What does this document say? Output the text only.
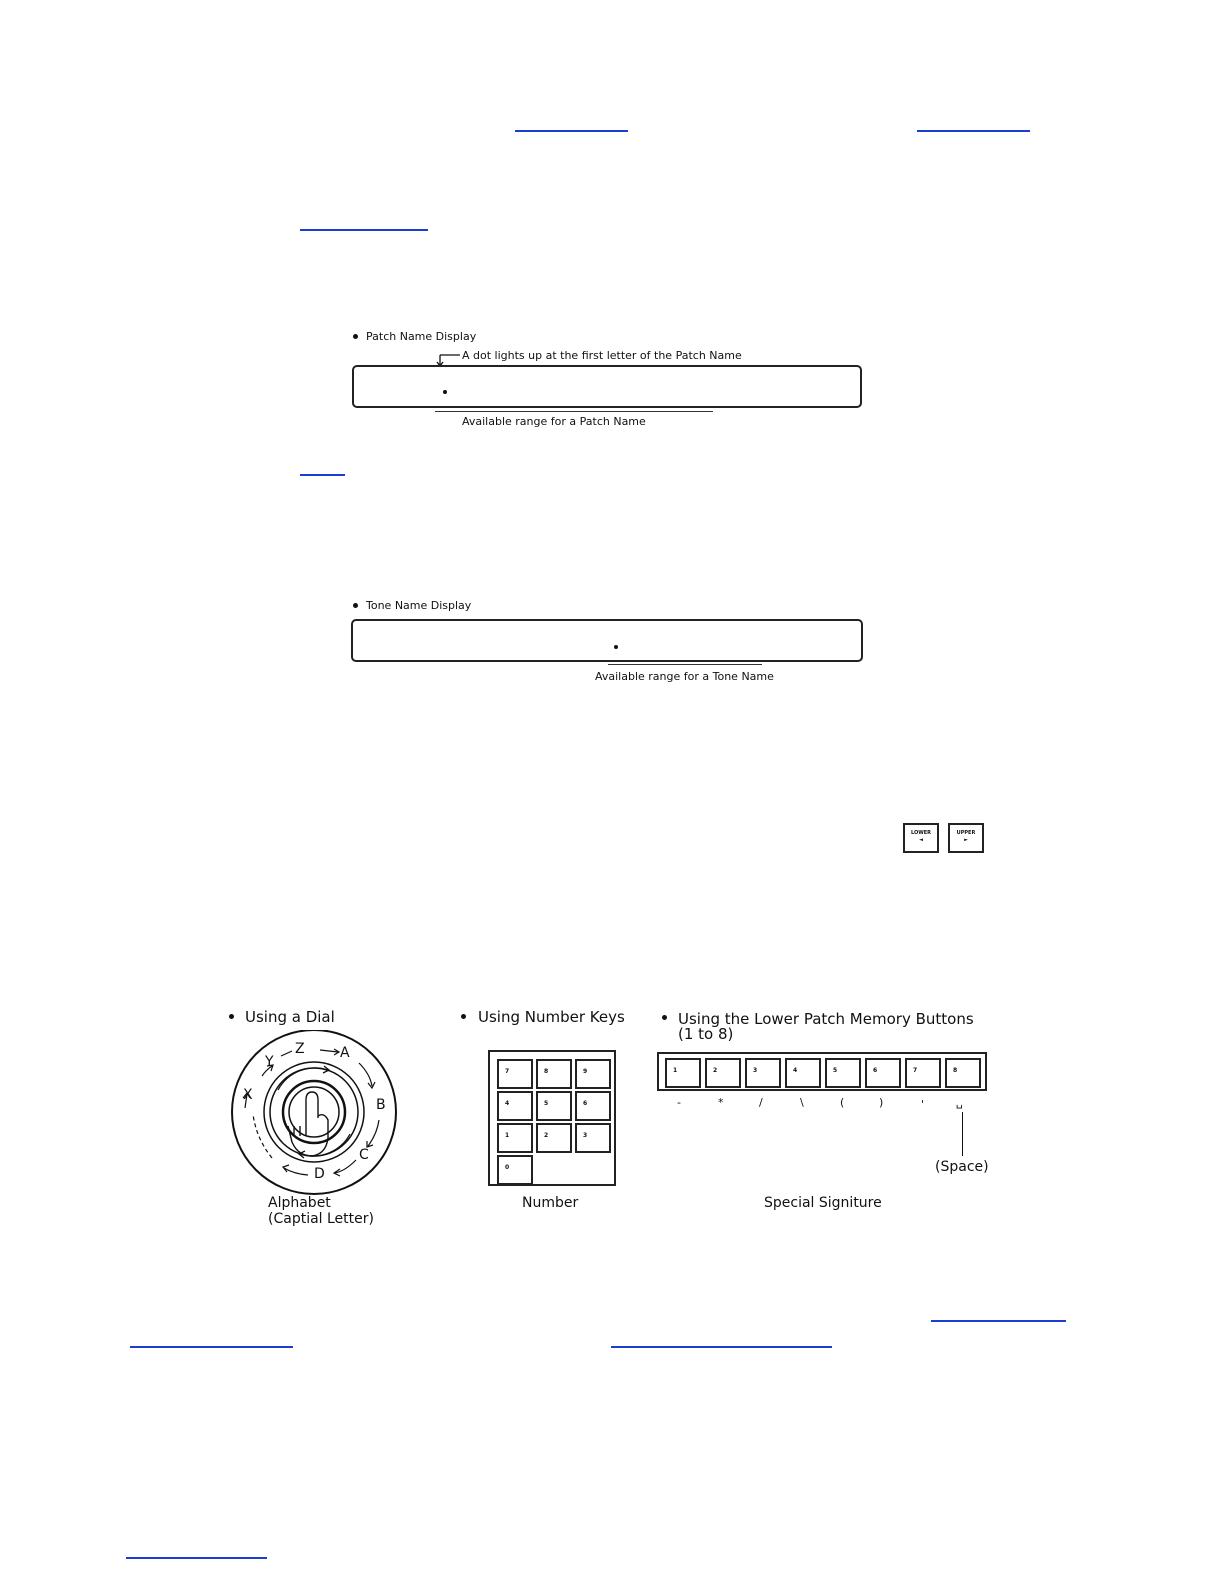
Patch Name Display
A dot lights up at the first letter of the Patch Name
Available range for a Patch Name
Tone Name Display
Available range for a Tone Name
LOWER
◄
UPPER
►
Using a Dial
Z	A
B
C
D
X
Y
Alphabet
(Captial Letter)
Using Number Keys
7	8	9
4	5	6
1	2	3
0
Number
Using the Lower Patch Memory Buttons
(1 to 8)
1	2	3	4	5	6	7	8
-	*	/	\	(	)	'	␣
(Space)
Special Signiture
